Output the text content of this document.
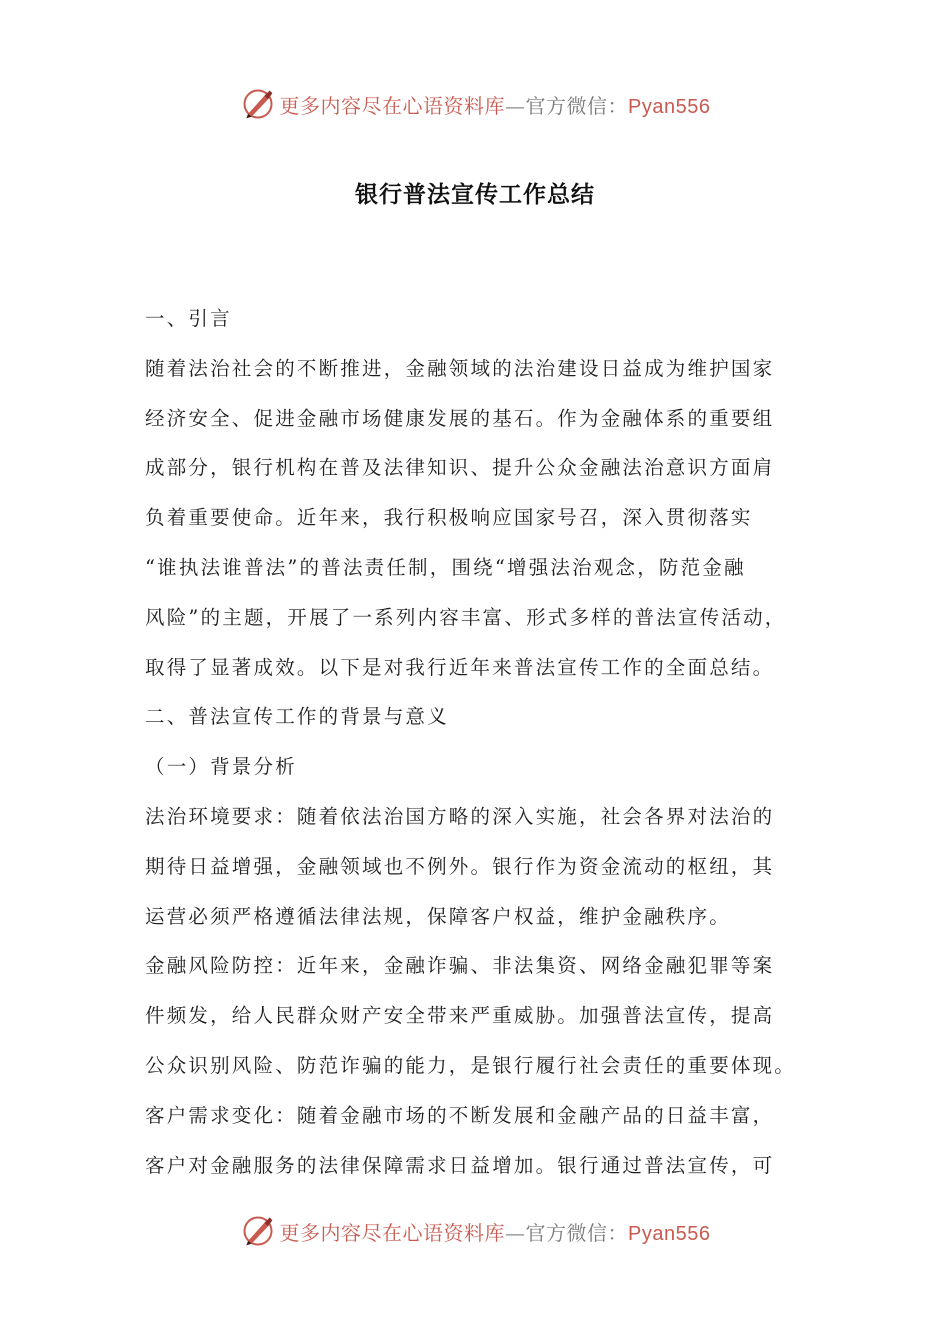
更多内容尽在心语资料库—官方微信：Pyan556
银行普法宣传工作总结

一、引言

随着法治社会的不断推进，金融领域的法治建设日益成为维护国家

经济安全、促进金融市场健康发展的基石。作为金融体系的重要组

成部分，银行机构在普及法律知识、提升公众金融法治意识方面肩

负着重要使命。近年来，我行积极响应国家号召，深入贯彻落实

“谁执法谁普法”的普法责任制，围绕“增强法治观念，防范金融

风险”的主题，开展了一系列内容丰富、形式多样的普法宣传活动，

取得了显著成效。以下是对我行近年来普法宣传工作的全面总结。

二、普法宣传工作的背景与意义

（一）背景分析

法治环境要求：随着依法治国方略的深入实施，社会各界对法治的

期待日益增强，金融领域也不例外。银行作为资金流动的枢纽，其

运营必须严格遵循法律法规，保障客户权益，维护金融秩序。

金融风险防控：近年来，金融诈骗、非法集资、网络金融犯罪等案

件频发，给人民群众财产安全带来严重威胁。加强普法宣传，提高

公众识别风险、防范诈骗的能力，是银行履行社会责任的重要体现。

客户需求变化：随着金融市场的不断发展和金融产品的日益丰富，

客户对金融服务的法律保障需求日益增加。银行通过普法宣传，可

更多内容尽在心语资料库—官方微信：Pyan556
